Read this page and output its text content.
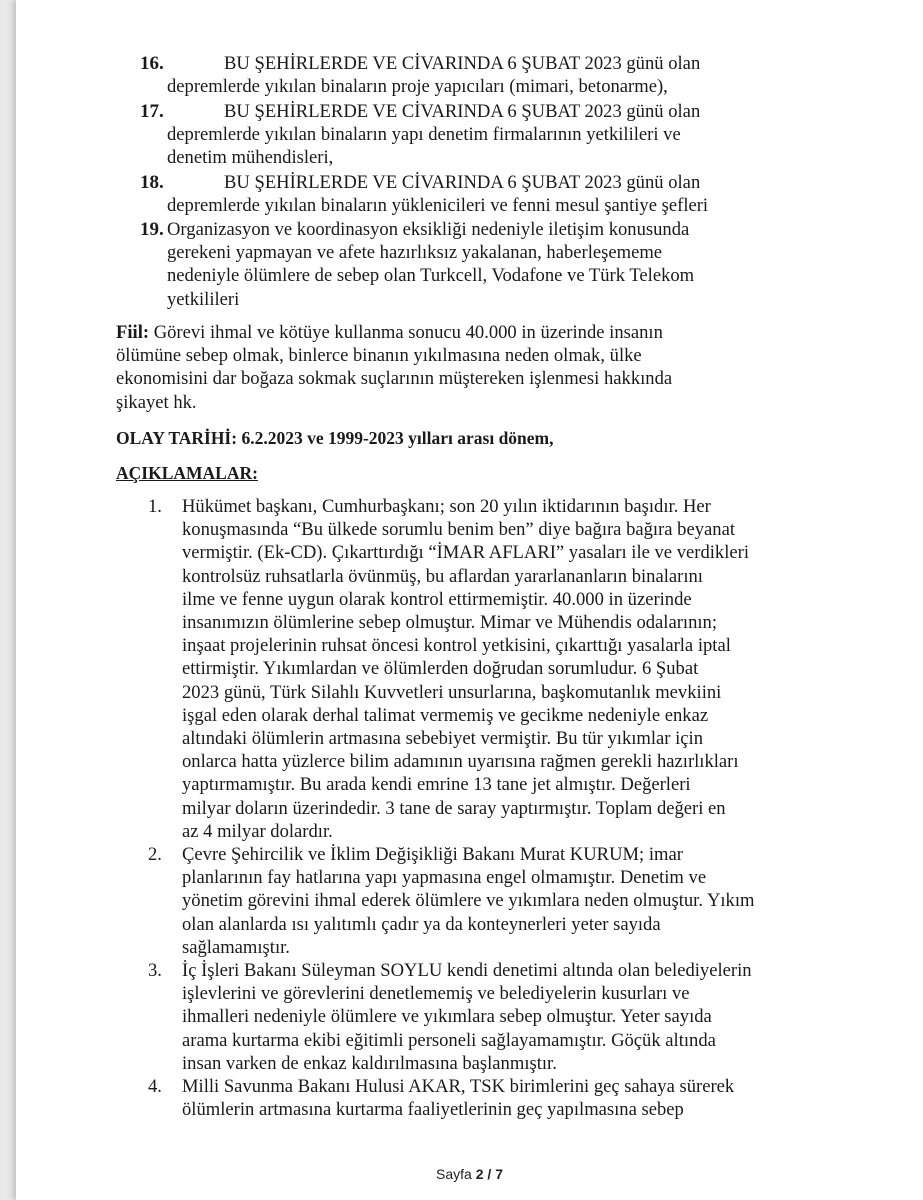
16.	BU ŞEHİRLERDE VE CİVARINDA 6 ŞUBAT 2023 günü olan
depremlerde yıkılan binaların proje yapıcıları (mimari, betonarme),
17.	BU ŞEHİRLERDE VE CİVARINDA 6 ŞUBAT 2023 günü olan
depremlerde yıkılan binaların yapı denetim firmalarının yetkilileri ve
denetim mühendisleri,
18.	BU ŞEHİRLERDE VE CİVARINDA 6 ŞUBAT 2023 günü olan
depremlerde yıkılan binaların yüklenicileri ve fenni mesul şantiye şefleri
19. Organizasyon ve koordinasyon eksikliği nedeniyle iletişim konusunda
gerekeni yapmayan ve afete hazırlıksız yakalanan, haberleşememe
nedeniyle ölümlere de sebep olan Turkcell, Vodafone ve Türk Telekom
yetkilileri
Fiil: Görevi ihmal ve kötüye kullanma sonucu 40.000 in üzerinde insanın
ölümüne sebep olmak, binlerce binanın yıkılmasına neden olmak, ülke
ekonomisini dar boğaza sokmak suçlarının müştereken işlenmesi hakkında
şikayet hk.
OLAY TARİHİ: 6.2.2023 ve 1999-2023 yılları arası dönem,
AÇIKLAMALAR:
1. Hükümet başkanı, Cumhurbaşkanı; son 20 yılın iktidarının başıdır. Her
konuşmasında “Bu ülkede sorumlu benim ben” diye bağıra bağıra beyanat
vermiştir. (Ek-CD). Çıkarttırdığı “İMAR AFLARI” yasaları ile ve verdikleri
kontrolsüz ruhsatlarla övünmüş, bu aflardan yararlananların binalarını
ilme ve fenne uygun olarak kontrol ettirmemiştir. 40.000 in üzerinde
insanımızın ölümlerine sebep olmuştur. Mimar ve Mühendis odalarının;
inşaat projelerinin ruhsat öncesi kontrol yetkisini, çıkarttığı yasalarla iptal
ettirmiştir. Yıkımlardan ve ölümlerden doğrudan sorumludur. 6 Şubat
2023 günü, Türk Silahlı Kuvvetleri unsurlarına, başkomutanlık mevkiini
işgal eden olarak derhal talimat vermemiş ve gecikme nedeniyle enkaz
altındaki ölümlerin artmasına sebebiyet vermiştir. Bu tür yıkımlar için
onlarca hatta yüzlerce bilim adamının uyarısına rağmen gerekli hazırlıkları
yaptırmamıştır. Bu arada kendi emrine 13 tane jet almıştır. Değerleri
milyar doların üzerindedir. 3 tane de saray yaptırmıştır. Toplam değeri en
az 4 milyar dolardır.
2. Çevre Şehircilik ve İklim Değişikliği Bakanı Murat KURUM; imar
planlarının fay hatlarına yapı yapmasına engel olmamıştır. Denetim ve
yönetim görevini ihmal ederek ölümlere ve yıkımlara neden olmuştur. Yıkım
olan alanlarda ısı yalıtımlı çadır ya da konteynerleri yeter sayıda
sağlamamıştır.
3. İç İşleri Bakanı Süleyman SOYLU kendi denetimi altında olan belediyelerin
işlevlerini ve görevlerini denetlememiş ve belediyelerin kusurları ve
ihmalleri nedeniyle ölümlere ve yıkımlara sebep olmuştur. Yeter sayıda
arama kurtarma ekibi eğitimli personeli sağlayamamıştır. Göçük altında
insan varken de enkaz kaldırılmasına başlanmıştır.
4. Milli Savunma Bakanı Hulusi AKAR, TSK birimlerini geç sahaya sürerek
ölümlerin artmasına kurtarma faaliyetlerinin geç yapılmasına sebep
Sayfa 2 / 7
